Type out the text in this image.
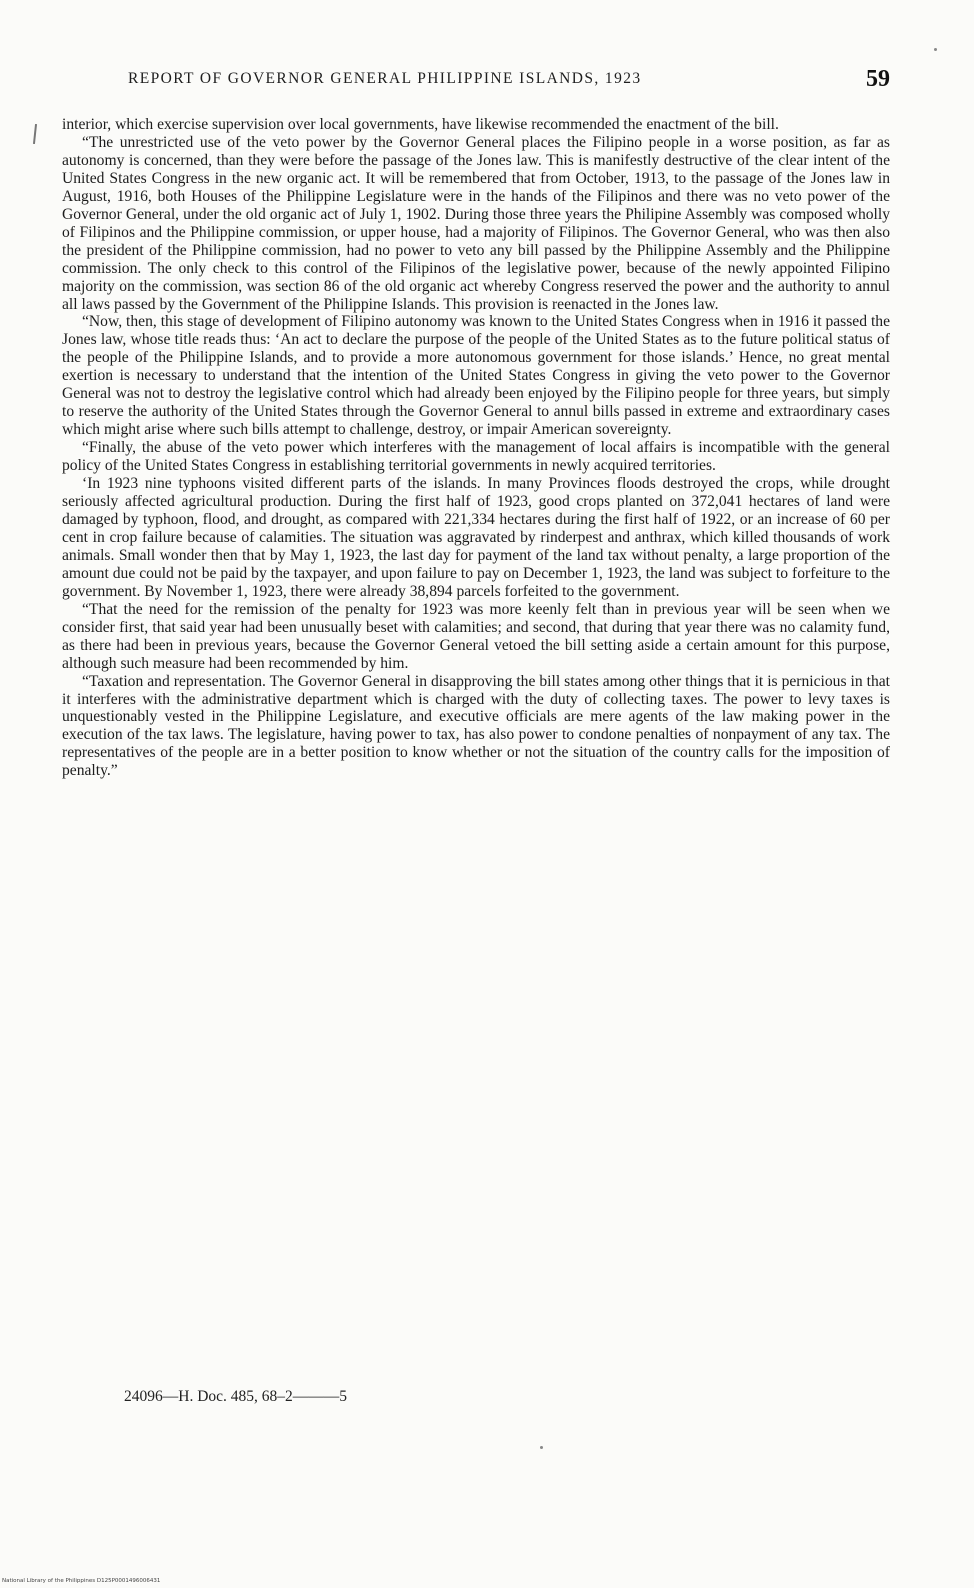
REPORT OF GOVERNOR GENERAL PHILIPPINE ISLANDS, 1923	59

interior, which exercise supervision over local governments, have likewise recommended the enactment of the bill.

“The unrestricted use of the veto power by the Governor General places the Filipino people in a worse position, as far as autonomy is concerned, than they were before the passage of the Jones law. This is manifestly destructive of the clear intent of the United States Congress in the new organic act. It will be remembered that from October, 1913, to the passage of the Jones law in August, 1916, both Houses of the Philippine Legislature were in the hands of the Filipinos and there was no veto power of the Governor General, under the old organic act of July 1, 1902. During those three years the Philipine Assembly was composed wholly of Filipinos and the Philippine commission, or upper house, had a majority of Filipinos. The Governor General, who was then also the president of the Philippine commission, had no power to veto any bill passed by the Philippine Assembly and the Philippine commission. The only check to this control of the Filipinos of the legislative power, because of the newly appointed Filipino majority on the commission, was section 86 of the old organic act whereby Congress reserved the power and the authority to annul all laws passed by the Government of the Philippine Islands. This provision is reenacted in the Jones law.

“Now, then, this stage of development of Filipino autonomy was known to the United States Congress when in 1916 it passed the Jones law, whose title reads thus: ‘An act to declare the purpose of the people of the United States as to the future political status of the people of the Philippine Islands, and to provide a more autonomous government for those islands.’ Hence, no great mental exertion is necessary to understand that the intention of the United States Congress in giving the veto power to the Governor General was not to destroy the legislative control which had already been enjoyed by the Filipino people for three years, but simply to reserve the authority of the United States through the Governor General to annul bills passed in extreme and extraordinary cases which might arise where such bills attempt to challenge, destroy, or impair American sovereignty.

“Finally, the abuse of the veto power which interferes with the management of local affairs is incompatible with the general policy of the United States Congress in establishing territorial governments in newly acquired territories.

‘In 1923 nine typhoons visited different parts of the islands. In many Provinces floods destroyed the crops, while drought seriously affected agricultural production. During the first half of 1923, good crops planted on 372,041 hectares of land were damaged by typhoon, flood, and drought, as compared with 221,334 hectares during the first half of 1922, or an increase of 60 per cent in crop failure because of calamities. The situation was aggravated by rinderpest and anthrax, which killed thousands of work animals. Small wonder then that by May 1, 1923, the last day for payment of the land tax without penalty, a large proportion of the amount due could not be paid by the taxpayer, and upon failure to pay on December 1, 1923, the land was subject to forfeiture to the government. By November 1, 1923, there were already 38,894 parcels forfeited to the government.

“That the need for the remission of the penalty for 1923 was more keenly felt than in previous year will be seen when we consider first, that said year had been unusually beset with calamities; and second, that during that year there was no calamity fund, as there had been in previous years, because the Governor General vetoed the bill setting aside a certain amount for this purpose, although such measure had been recommended by him.

“Taxation and representation. The Governor General in disapproving the bill states among other things that it is pernicious in that it interferes with the administrative department which is charged with the duty of collecting taxes. The power to levy taxes is unquestionably vested in the Philippine Legislature, and executive officials are mere agents of the law making power in the execution of the tax laws. The legislature, having power to tax, has also power to condone penalties of nonpayment of any tax. The representatives of the people are in a better position to know whether or not the situation of the country calls for the imposition of penalty.”

24096—H. Doc. 485, 68–2———5
National Library of the Philippines D125P0001496006431
